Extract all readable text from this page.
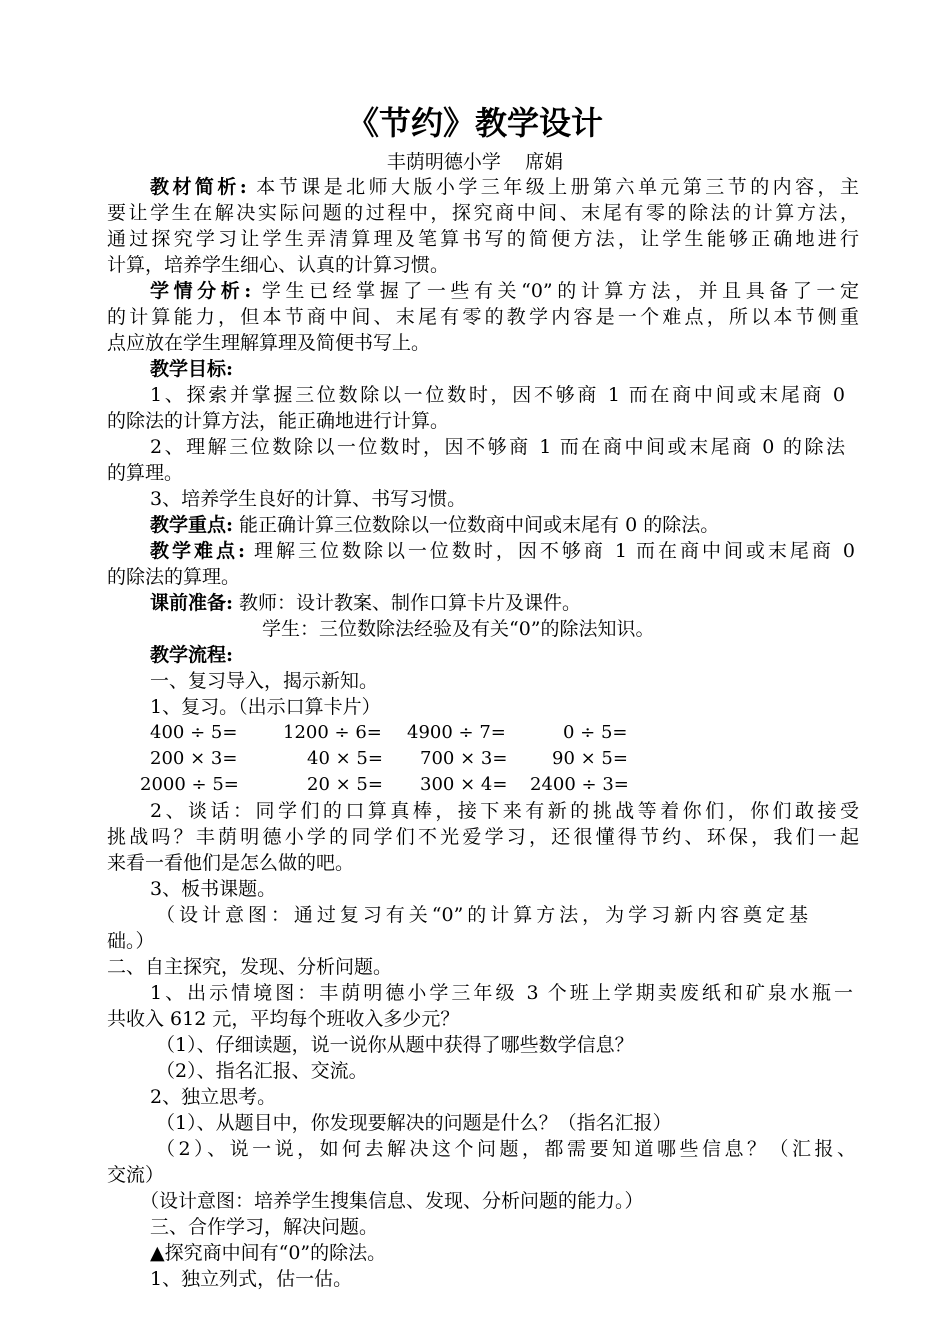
《节约》教学设计
丰荫明德小学    席娟
教材简析: 本节课是北师大版小学三年级上册第六单元第三节的内容，主
要让学生在解决实际问题的过程中，探究商中间、末尾有零的除法的计算方法，
通过探究学习让学生弄清算理及笔算书写的简便方法，让学生能够正确地进行
计算，培养学生细心、认真的计算习惯。
学情分析: 学生已经掌握了一些有关“0”的计算方法，并且具备了一定
的计算能力，但本节商中间、末尾有零的教学内容是一个难点，所以本节侧重
点应放在学生理解算理及简便书写上。
教学目标:
1、探索并掌握三位数除以一位数时，因不够商 1 而在商中间或末尾商 0
的除法的计算方法，能正确地进行计算。
2、理解三位数除以一位数时，因不够商 1 而在商中间或末尾商 0 的除法
的算理。
3、培养学生良好的计算、书写习惯。
教学重点: 能正确计算三位数除以一位数商中间或末尾有 0 的除法。
教学难点: 理解三位数除以一位数时，因不够商 1 而在商中间或末尾商 0
的除法的算理。
课前准备: 教师：设计教案、制作口算卡片及课件。
学生：三位数除法经验及有关“0”的除法知识。
教学流程:
一、复习导入，揭示新知。
1、复习。（出示口算卡片）
400 ÷ 5=	1200 ÷ 6= 4900 ÷ 7=	0 ÷ 5=
200 × 3=	40 × 5= 700 × 3= 90 × 5=
2000 ÷ 5=	20 × 5= 300 × 4= 2400 ÷ 3=
2、谈话：同学们的口算真棒，接下来有新的挑战等着你们，你们敢接受
挑战吗？丰荫明德小学的同学们不光爱学习，还很懂得节约、环保，我们一起
来看一看他们是怎么做的吧。
3、板书课题。
（设计意图：通过复习有关“0”的计算方法，为学习新内容奠定基
础。）
二、自主探究，发现、分析问题。
1、出示情境图：丰荫明德小学三年级 3 个班上学期卖废纸和矿泉水瓶一
共收入 612 元，平均每个班收入多少元？
（1）、仔细读题，说一说你从题中获得了哪些数学信息？
（2）、指名汇报、交流。
2、独立思考。
（1）、从题目中，你发现要解决的问题是什么？（指名汇报）
（2）、说一说，如何去解决这个问题，都需要知道哪些信息？（汇报、
交流）
（设计意图：培养学生搜集信息、发现、分析问题的能力。）
三、合作学习，解决问题。
▲探究商中间有“0”的除法。
1、独立列式，估一估。
